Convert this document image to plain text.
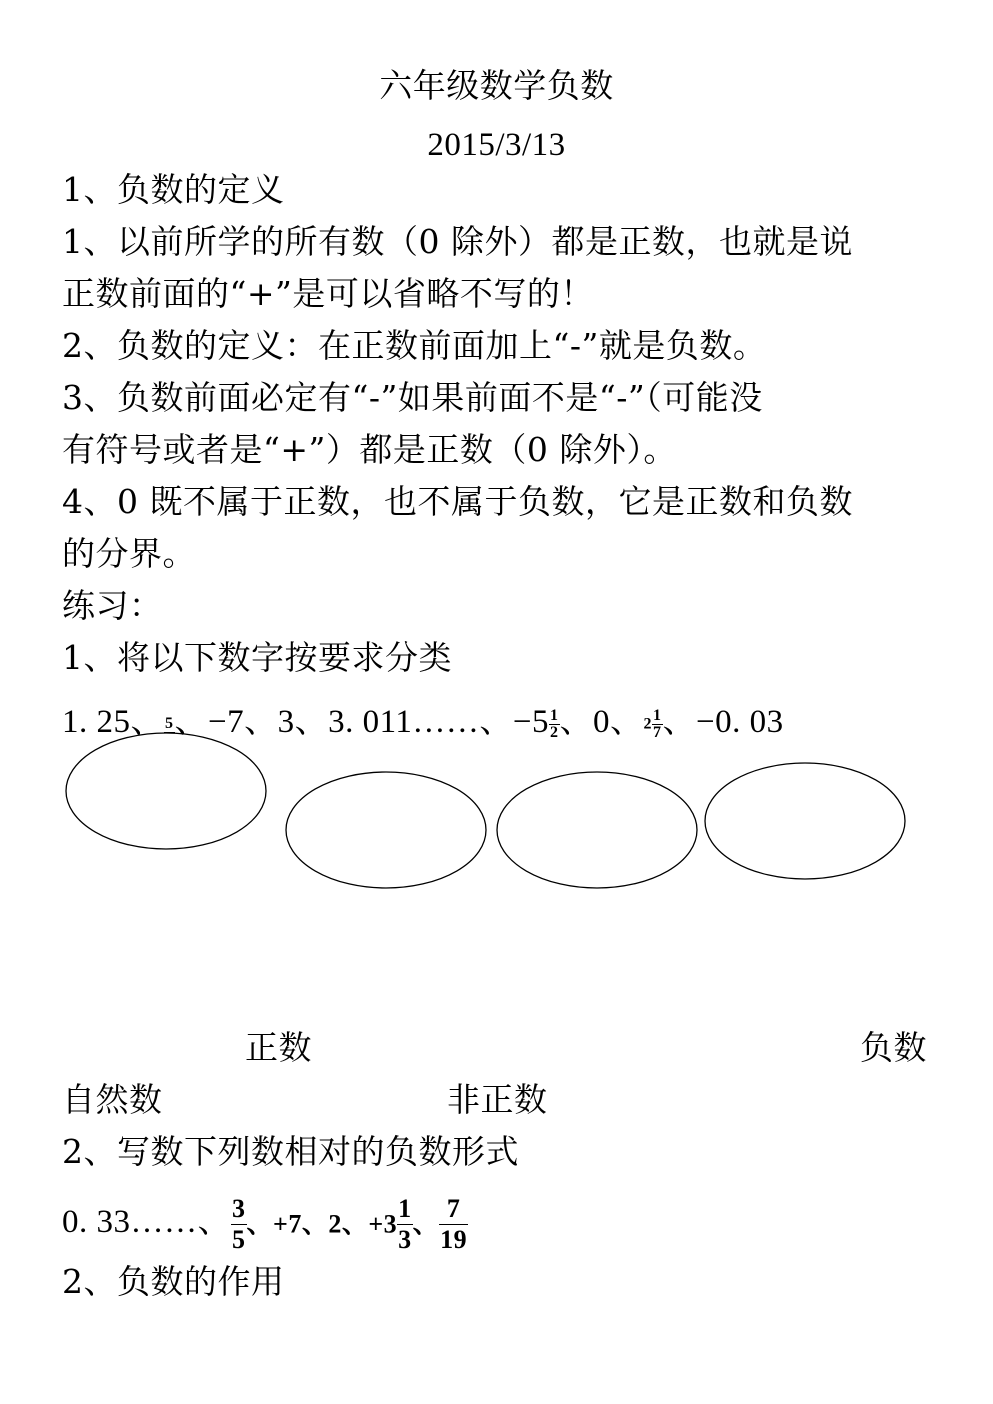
六年级数学负数
2015/3/13
1、负数的定义
1、以前所学的所有数（0 除外）都是正数，也就是说
正数前面的“+”是可以省略不写的！
2、负数的定义：在正数前面加上“-”就是负数。
3、负数前面必定有“-”如果前面不是“-”（可能没
有符号或者是“+”）都是正数（0 除外）。
4、0 既不属于正数，也不属于负数，它是正数和负数
的分界。
练习：
1、将以下数字按要求分类
1. 25、 5 、−7、3、3. 011……、$-5 \frac{1}{2}$ 、0、$2 \frac{1}{7}$ 、−0. 03
正数	负数
自然数	非正数
2、写数下列数相对的负数形式
0. 33……、 $\frac{3}{5}$ 、+7、2、$+3 \frac{1}{3}$ 、 $\frac{7}{19}$
2、负数的作用
